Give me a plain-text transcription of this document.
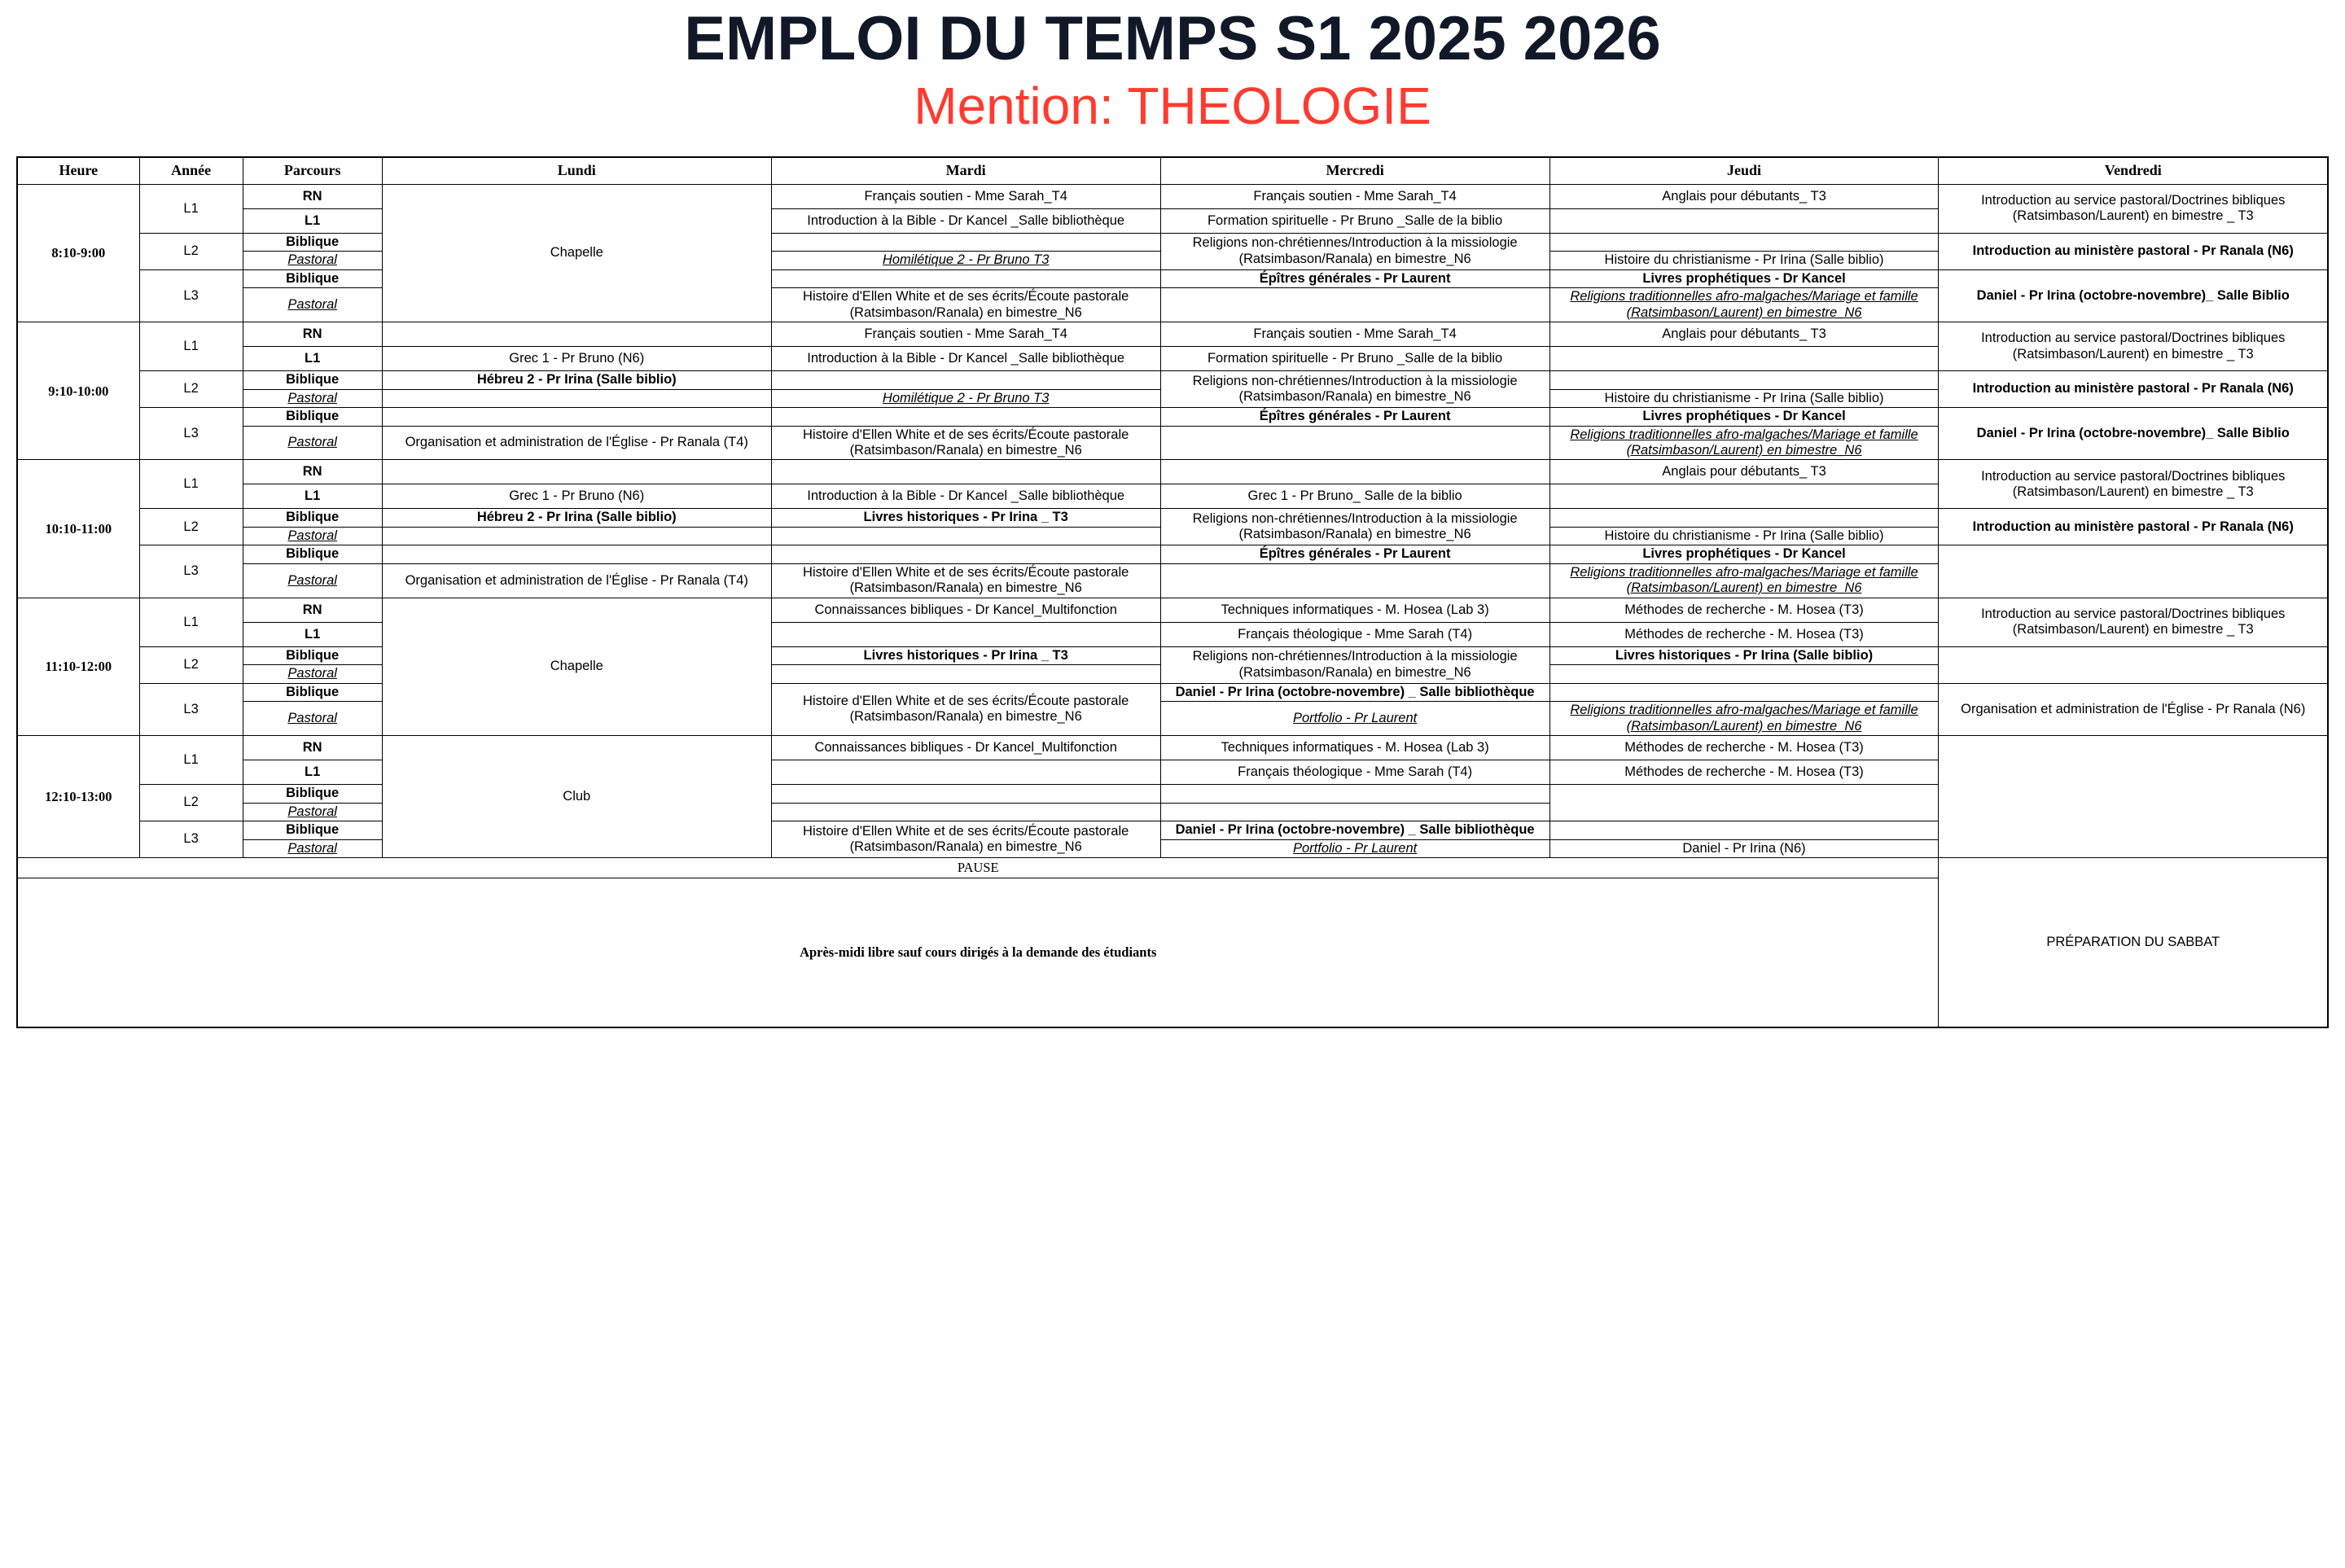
EMPLOI DU TEMPS S1 2025 2026
Mention: THEOLOGIE
Heure	Année	Parcours	Lundi	Mardi	Mercredi	Jeudi	Vendredi
8:10-9:00	L1	RN	Chapelle	Français soutien - Mme Sarah_T4	Français soutien - Mme Sarah_T4	Anglais pour débutants_ T3	Introduction au service pastoral/Doctrines bibliques (Ratsimbason/Laurent) en bimestre _ T3
		L1		Introduction à la Bible - Dr Kancel _Salle bibliothèque	Formation spirituelle - Pr Bruno _Salle de la biblio		
	L2	Biblique			Religions non-chrétiennes/Introduction à la missiologie (Ratsimbason/Ranala) en bimestre_N6		Introduction au ministère pastoral - Pr Ranala (N6)
		Pastoral		Homilétique 2 - Pr Bruno T3		Histoire du christianisme - Pr Irina (Salle biblio)	
	L3	Biblique			Épîtres générales - Pr Laurent	Livres prophétiques - Dr Kancel	Daniel - Pr Irina (octobre-novembre)_ Salle Biblio
		Pastoral		Histoire d'Ellen White et de ses écrits/Écoute pastorale (Ratsimbason/Ranala) en bimestre_N6		Religions traditionnelles afro-malgaches/Mariage et famille (Ratsimbason/Laurent) en bimestre_N6	
9:10-10:00	L1	RN		Français soutien - Mme Sarah_T4	Français soutien - Mme Sarah_T4	Anglais pour débutants_ T3	Introduction au service pastoral/Doctrines bibliques (Ratsimbason/Laurent) en bimestre _ T3
		L1	Grec 1 - Pr Bruno (N6)	Introduction à la Bible - Dr Kancel _Salle bibliothèque	Formation spirituelle - Pr Bruno _Salle de la biblio		
	L2	Biblique	Hébreu 2 - Pr Irina (Salle biblio)		Religions non-chrétiennes/Introduction à la missiologie (Ratsimbason/Ranala) en bimestre_N6		Introduction au ministère pastoral - Pr Ranala (N6)
		Pastoral		Homilétique 2 - Pr Bruno T3		Histoire du christianisme - Pr Irina (Salle biblio)	
	L3	Biblique			Épîtres générales - Pr Laurent	Livres prophétiques - Dr Kancel	Daniel - Pr Irina (octobre-novembre)_ Salle Biblio
		Pastoral	Organisation et administration de l'Église - Pr Ranala (T4)	Histoire d'Ellen White et de ses écrits/Écoute pastorale (Ratsimbason/Ranala) en bimestre_N6		Religions traditionnelles afro-malgaches/Mariage et famille (Ratsimbason/Laurent) en bimestre_N6	
10:10-11:00	L1	RN				Anglais pour débutants_ T3	Introduction au service pastoral/Doctrines bibliques (Ratsimbason/Laurent) en bimestre _ T3
		L1	Grec 1 - Pr Bruno (N6)	Introduction à la Bible - Dr Kancel _Salle bibliothèque	Grec 1 - Pr Bruno_ Salle de la biblio		
	L2	Biblique	Hébreu 2 - Pr Irina (Salle biblio)	Livres historiques - Pr Irina _ T3	Religions non-chrétiennes/Introduction à la missiologie (Ratsimbason/Ranala) en bimestre_N6		Introduction au ministère pastoral - Pr Ranala (N6)
		Pastoral				Histoire du christianisme - Pr Irina (Salle biblio)	
	L3	Biblique			Épîtres générales - Pr Laurent	Livres prophétiques - Dr Kancel	
		Pastoral	Organisation et administration de l'Église - Pr Ranala (T4)	Histoire d'Ellen White et de ses écrits/Écoute pastorale (Ratsimbason/Ranala) en bimestre_N6		Religions traditionnelles afro-malgaches/Mariage et famille (Ratsimbason/Laurent) en bimestre_N6	
11:10-12:00	L1	RN	Chapelle	Connaissances bibliques - Dr Kancel_Multifonction	Techniques informatiques - M. Hosea (Lab 3)	Méthodes de recherche - M. Hosea (T3)	Introduction au service pastoral/Doctrines bibliques (Ratsimbason/Laurent) en bimestre _ T3
		L1			Français théologique - Mme Sarah (T4)	Méthodes de recherche - M. Hosea (T3)	
	L2	Biblique		Livres historiques - Pr Irina _ T3	Religions non-chrétiennes/Introduction à la missiologie (Ratsimbason/Ranala) en bimestre_N6	Livres historiques - Pr Irina (Salle biblio)	
		Pastoral					
	L3	Biblique		Histoire d'Ellen White et de ses écrits/Écoute pastorale (Ratsimbason/Ranala) en bimestre_N6	Daniel - Pr Irina (octobre-novembre) _ Salle bibliothèque		Organisation et administration de l'Église - Pr Ranala (N6)
		Pastoral			Portfolio - Pr Laurent	Religions traditionnelles afro-malgaches/Mariage et famille (Ratsimbason/Laurent) en bimestre_N6	
12:10-13:00	L1	RN	Club	Connaissances bibliques - Dr Kancel_Multifonction	Techniques informatiques - M. Hosea (Lab 3)	Méthodes de recherche - M. Hosea (T3)	
		L1			Français théologique - Mme Sarah (T4)	Méthodes de recherche - M. Hosea (T3)	
	L2	Biblique					
		Pastoral					
	L3	Biblique		Histoire d'Ellen White et de ses écrits/Écoute pastorale (Ratsimbason/Ranala) en bimestre_N6	Daniel - Pr Irina (octobre-novembre) _ Salle bibliothèque		
		Pastoral			Portfolio - Pr Laurent	Daniel - Pr Irina (N6)	
PAUSE							PRÉPARATION DU SABBAT

Après-midi libre sauf cours dirigés à la demande des étudiants							
